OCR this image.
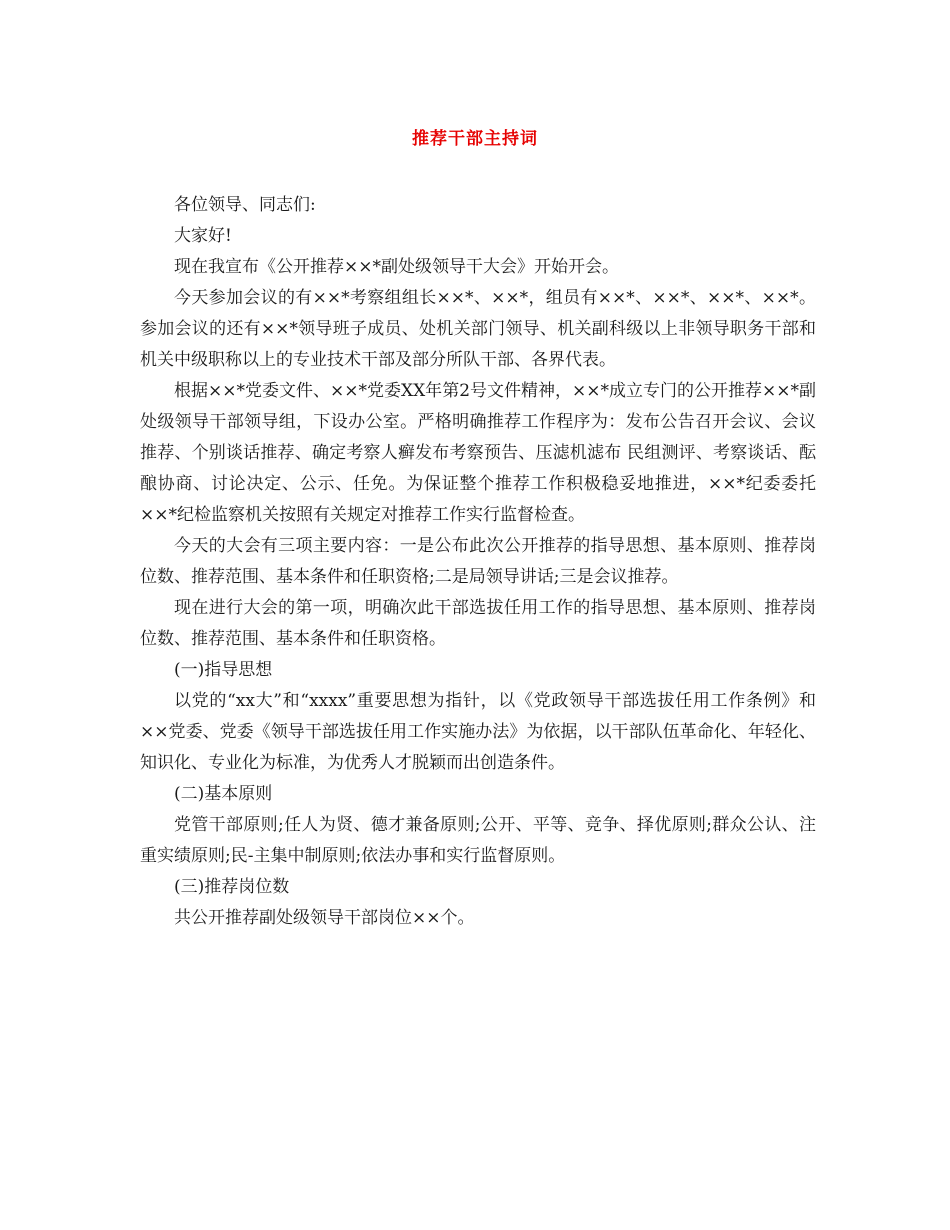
推荐干部主持词

各位领导、同志们:

大家好!

现在我宣布《公开推荐××*副处级领导干大会》开始开会。

今天参加会议的有××*考察组组长××*、××*，组员有××*、××*、××*、××*。参加会议的还有××*领导班子成员、处机关部门领导、机关副科级以上非领导职务干部和机关中级职称以上的专业技术干部及部分所队干部、各界代表。

根据××*党委文件、××*党委XX年第2号文件精神，××*成立专门的公开推荐××*副处级领导干部领导组，下设办公室。严格明确推荐工作程序为：发布公告召开会议、会议推荐、个别谈话推荐、确定考察人癣发布考察预告、压滤机滤布 民组测评、考察谈话、酝酿协商、讨论决定、公示、任免。为保证整个推荐工作积极稳妥地推进，××*纪委委托××*纪检监察机关按照有关规定对推荐工作实行监督检查。

今天的大会有三项主要内容：一是公布此次公开推荐的指导思想、基本原则、推荐岗位数、推荐范围、基本条件和任职资格;二是局领导讲话;三是会议推荐。

现在进行大会的第一项，明确次此干部选拔任用工作的指导思想、基本原则、推荐岗位数、推荐范围、基本条件和任职资格。

(一)指导思想

以党的“xx大”和“xxxx”重要思想为指针，以《党政领导干部选拔任用工作条例》和××党委、党委《领导干部选拔任用工作实施办法》为依据，以干部队伍革命化、年轻化、知识化、专业化为标准，为优秀人才脱颖而出创造条件。

(二)基本原则

党管干部原则;任人为贤、德才兼备原则;公开、平等、竞争、择优原则;群众公认、注重实绩原则;民-主集中制原则;依法办事和实行监督原则。

(三)推荐岗位数

共公开推荐副处级领导干部岗位××个。
